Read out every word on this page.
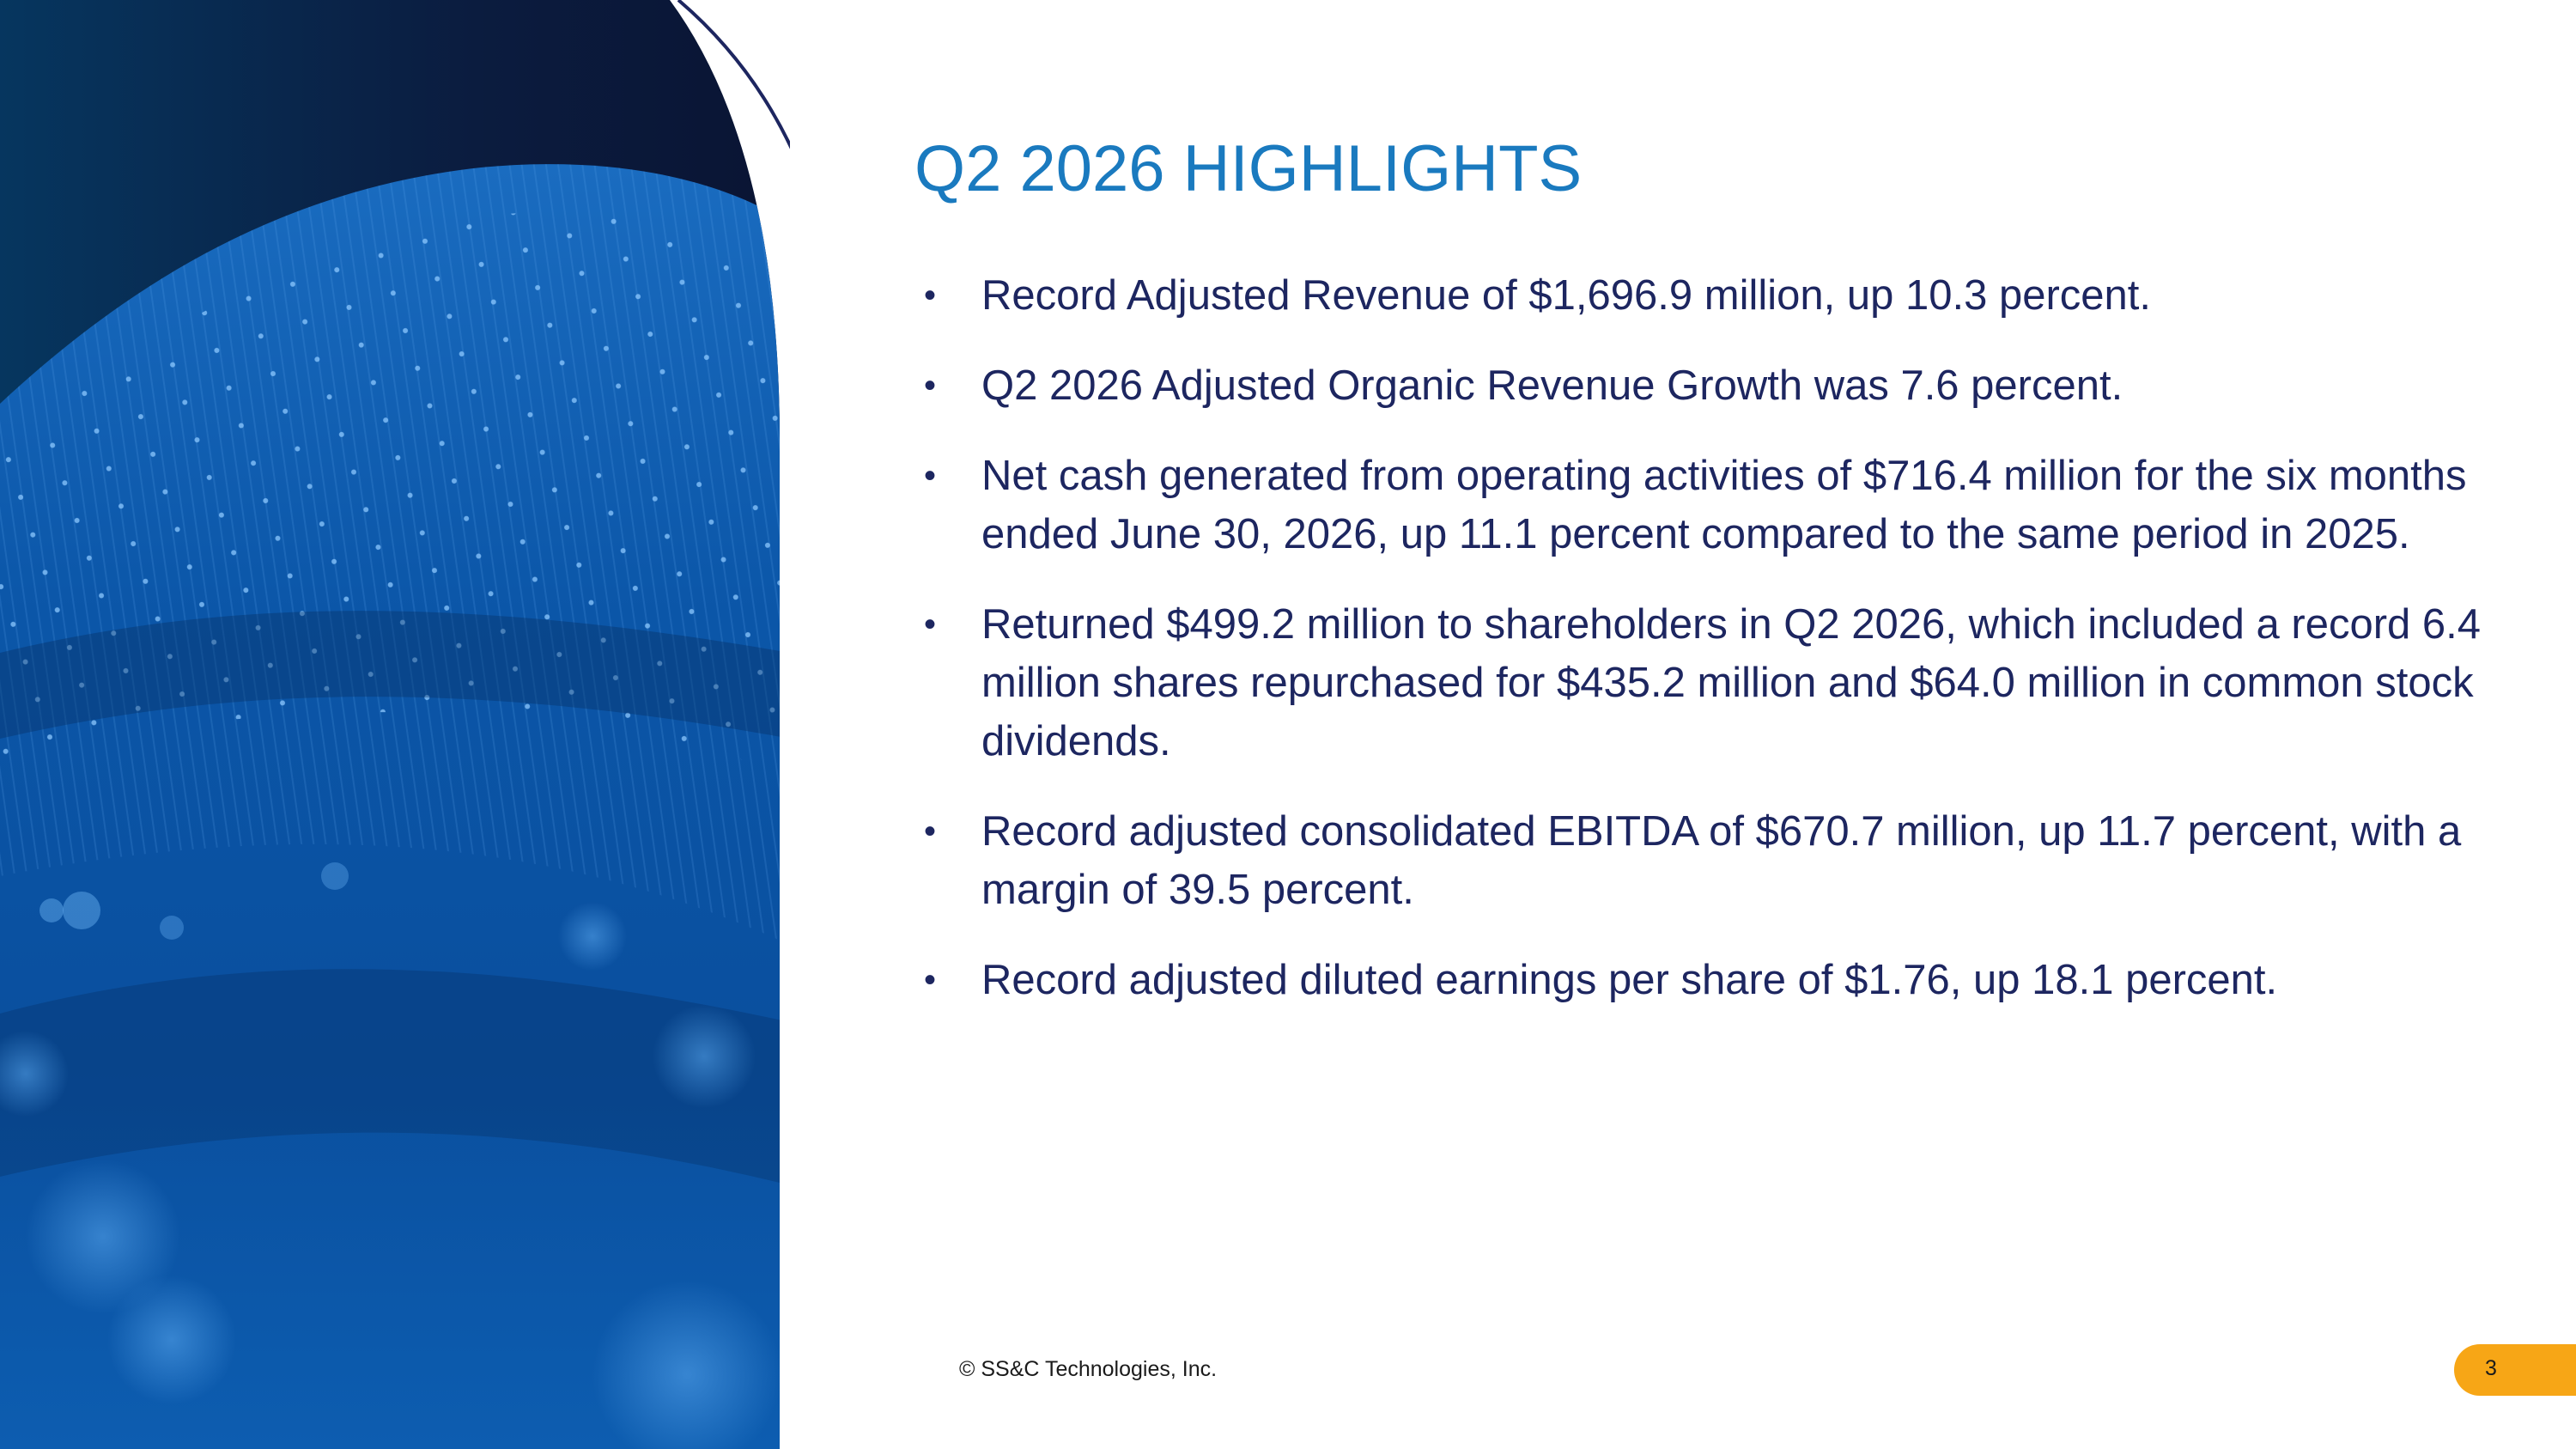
Q2 2026 HIGHLIGHTS
• Record Adjusted Revenue of $1,696.9 million, up 10.3 percent.
• Q2 2026 Adjusted Organic Revenue Growth was 7.6 percent.
• Net cash generated from operating activities of $716.4 million for the six months ended June 30, 2026, up 11.1 percent compared to the same period in 2025.
• Returned $499.2 million to shareholders in Q2 2026, which included a record 6.4 million shares repurchased for $435.2 million and $64.0 million in common stock dividends.
• Record adjusted consolidated EBITDA of $670.7 million, up 11.7 percent, with a margin of 39.5 percent.
• Record adjusted diluted earnings per share of $1.76, up 18.1 percent.
© SS&C Technologies, Inc.	3
